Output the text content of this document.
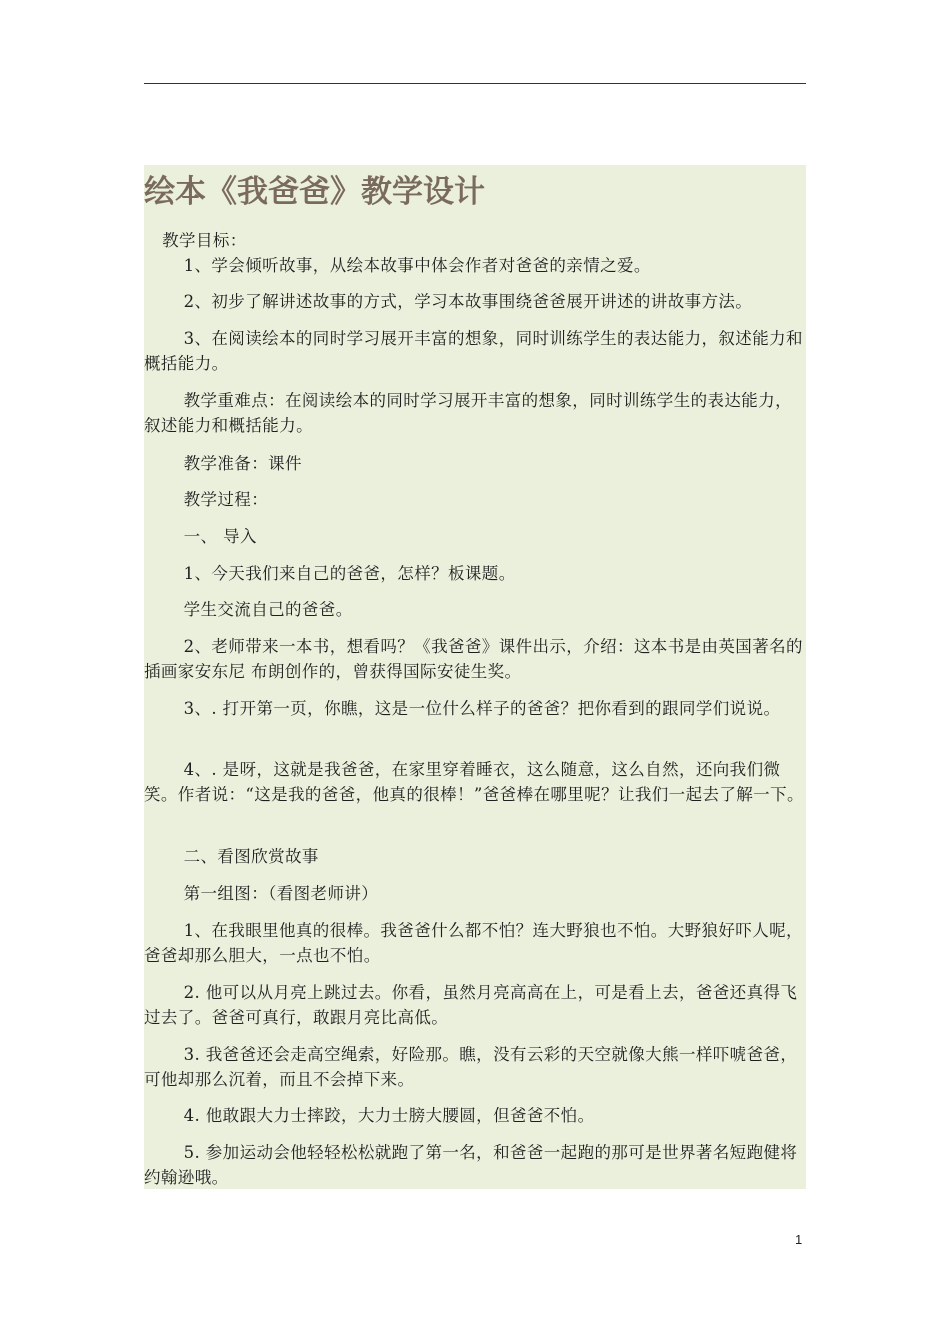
绘本《我爸爸》教学设计
教学目标：
1、学会倾听故事，从绘本故事中体会作者对爸爸的亲情之爱。
2、初步了解讲述故事的方式，学习本故事围绕爸爸展开讲述的讲故事方法。
3、在阅读绘本的同时学习展开丰富的想象，同时训练学生的表达能力，叙述能力和概括能力。
教学重难点：在阅读绘本的同时学习展开丰富的想象，同时训练学生的表达能力，叙述能力和概括能力。
教学准备：课件
教学过程：
一、 导入
1、今天我们来自己的爸爸，怎样？板课题。
学生交流自己的爸爸。
2、老师带来一本书，想看吗？《我爸爸》课件出示，介绍：这本书是由英国著名的插画家安东尼 布朗创作的，曾获得国际安徒生奖。
3、. 打开第一页，你瞧，这是一位什么样子的爸爸？把你看到的跟同学们说说。
4、. 是呀，这就是我爸爸，在家里穿着睡衣，这么随意，这么自然，还向我们微笑。作者说：“这是我的爸爸，他真的很棒！”爸爸棒在哪里呢？让我们一起去了解一下。
二、看图欣赏故事
第一组图：（看图老师讲）
1、在我眼里他真的很棒。我爸爸什么都不怕？连大野狼也不怕。大野狼好吓人呢，爸爸却那么胆大，一点也不怕。
2. 他可以从月亮上跳过去。你看，虽然月亮高高在上，可是看上去，爸爸还真得飞过去了。爸爸可真行，敢跟月亮比高低。
3. 我爸爸还会走高空绳索，好险那。瞧，没有云彩的天空就像大熊一样吓唬爸爸，可他却那么沉着，而且不会掉下来。
4. 他敢跟大力士摔跤，大力士膀大腰圆，但爸爸不怕。
5. 参加运动会他轻轻松松就跑了第一名，和爸爸一起跑的那可是世界著名短跑健将约翰逊哦。
1
